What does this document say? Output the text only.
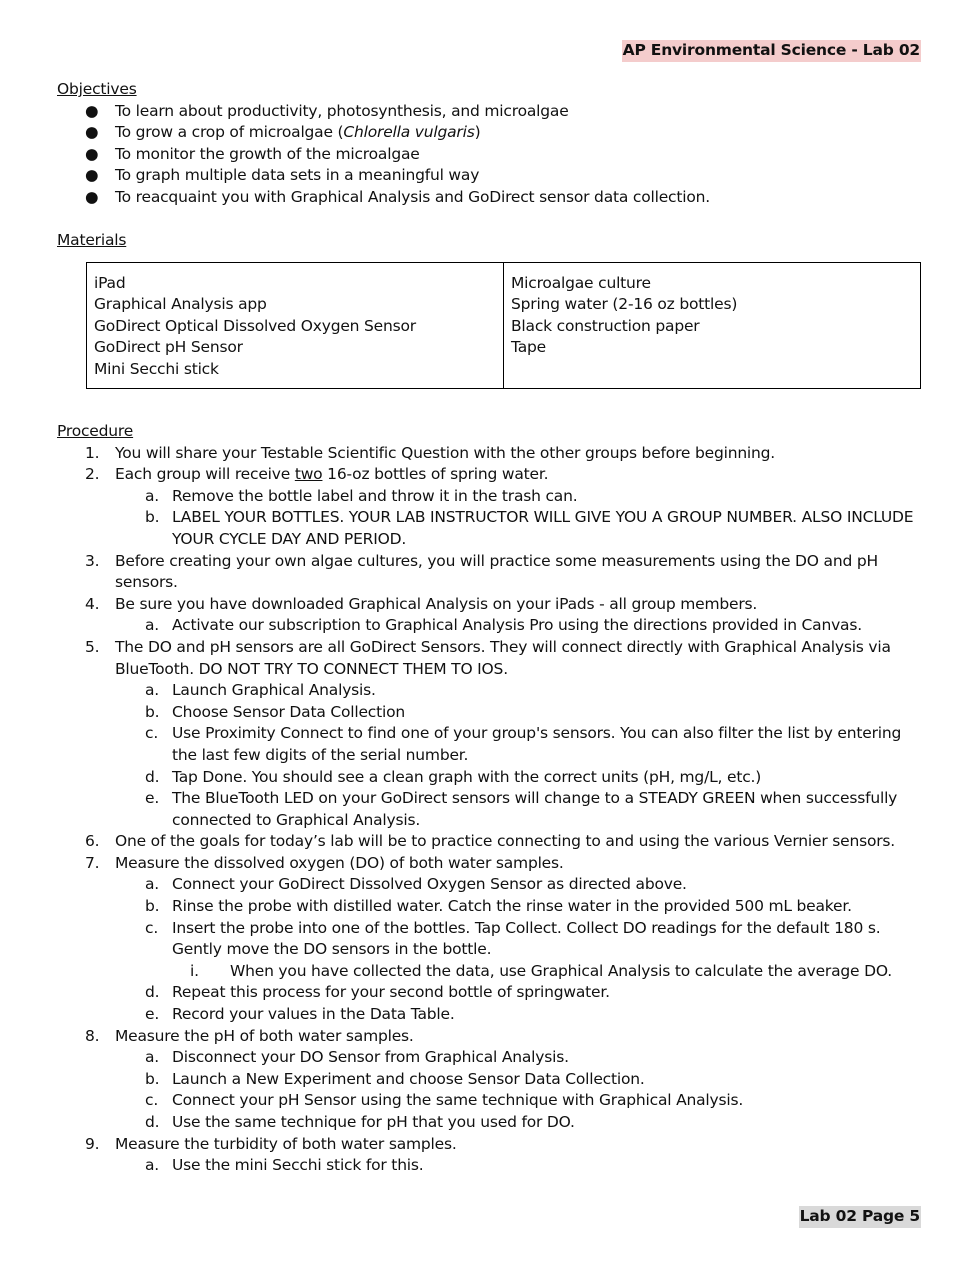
AP Environmental Science - Lab 02
Objectives
● To learn about productivity, photosynthesis, and microalgae
● To grow a crop of microalgae (Chlorella vulgaris)
● To monitor the growth of the microalgae
● To graph multiple data sets in a meaningful way
● To reacquaint you with Graphical Analysis and GoDirect sensor data collection.
Materials
iPad
Graphical Analysis app
GoDirect Optical Dissolved Oxygen Sensor
GoDirect pH Sensor
Mini Secchi stick

Microalgae culture
Spring water (2-16 oz bottles)
Black construction paper
Tape
Procedure
1. You will share your Testable Scientific Question with the other groups before beginning.
2. Each group will receive two 16-oz bottles of spring water.
a. Remove the bottle label and throw it in the trash can.
b. LABEL YOUR BOTTLES. YOUR LAB INSTRUCTOR WILL GIVE YOU A GROUP NUMBER. ALSO INCLUDE YOUR CYCLE DAY AND PERIOD.
3. Before creating your own algae cultures, you will practice some measurements using the DO and pH sensors.
4. Be sure you have downloaded Graphical Analysis on your iPads - all group members.
a. Activate our subscription to Graphical Analysis Pro using the directions provided in Canvas.
5. The DO and pH sensors are all GoDirect Sensors. They will connect directly with Graphical Analysis via BlueTooth. DO NOT TRY TO CONNECT THEM TO IOS.
a. Launch Graphical Analysis.
b. Choose Sensor Data Collection
c. Use Proximity Connect to find one of your group's sensors. You can also filter the list by entering the last few digits of the serial number.
d. Tap Done. You should see a clean graph with the correct units (pH, mg/L, etc.)
e. The BlueTooth LED on your GoDirect sensors will change to a STEADY GREEN when successfully connected to Graphical Analysis.
6. One of the goals for today’s lab will be to practice connecting to and using the various Vernier sensors.
7. Measure the dissolved oxygen (DO) of both water samples.
a. Connect your GoDirect Dissolved Oxygen Sensor as directed above.
b. Rinse the probe with distilled water. Catch the rinse water in the provided 500 mL beaker.
c. Insert the probe into one of the bottles. Tap Collect. Collect DO readings for the default 180 s. Gently move the DO sensors in the bottle.
i. When you have collected the data, use Graphical Analysis to calculate the average DO.
d. Repeat this process for your second bottle of springwater.
e. Record your values in the Data Table.
8. Measure the pH of both water samples.
a. Disconnect your DO Sensor from Graphical Analysis.
b. Launch a New Experiment and choose Sensor Data Collection.
c. Connect your pH Sensor using the same technique with Graphical Analysis.
d. Use the same technique for pH that you used for DO.
9. Measure the turbidity of both water samples.
a. Use the mini Secchi stick for this.
Lab 02 Page 5
